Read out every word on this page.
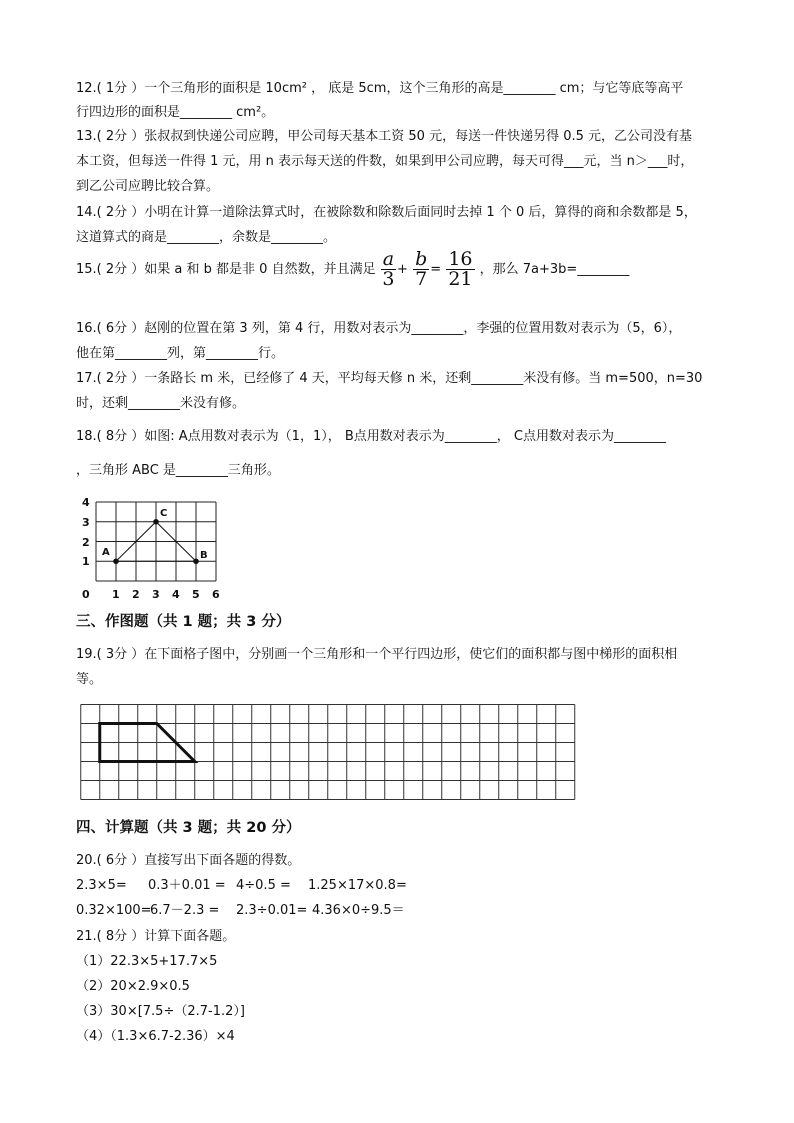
12.( 1分 ）一个三角形的面积是 10cm² ， 底是 5cm，这个三角形的高是________ cm；与它等底等高平
行四边形的面积是________ cm²。
13.( 2分 ）张叔叔到快递公司应聘，甲公司每天基本工资 50 元，每送一件快递另得 0.5 元，乙公司没有基
本工资，但每送一件得 1 元，用 n 表示每天送的件数，如果到甲公司应聘，每天可得___元，当 n＞___时，
到乙公司应聘比较合算。
14.( 2分 ）小明在计算一道除法算式时，在被除数和除数后面同时去掉 1 个 0 后，算得的商和余数都是 5，
这道算式的商是________，余数是________。
15.( 2分 ）如果 a 和 b 都是非 0 自然数，并且满足 $\frac{a}{3} + \frac{b}{7} = \frac{16}{21}$ ，那么 7a+3b=________
16.( 6分 ）赵刚的位置在第 3 列，第 4 行，用数对表示为________，李强的位置用数对表示为（5，6），
他在第________列，第________行。
17.( 2分 ）一条路长 m 米，已经修了 4 天，平均每天修 n 米，还剩________米没有修。当 m=500，n=30
时，还剩________米没有修。
18.( 8分 ）如图: A点用数对表示为（1，1）， B点用数对表示为________， C点用数对表示为________
，三角形 ABC 是________三角形。
4
3
2
1
0 1 2 3 4 5 6
A	B
C
三、作图题（共 1 题；共 3 分）
19.( 3分 ）在下面格子图中，分别画一个三角形和一个平行四边形，使它们的面积都与图中梯形的面积相
等。
四、计算题（共 3 题；共 20 分）
20.( 6分 ）直接写出下面各题的得数。
2.3×5= 0.3＋0.01 = 4÷0.5 = 1.25×17×0.8=
0.32×100=
6.7－2.3 = 2.3÷0.01= 4.36×0÷9.5＝
21.( 8分 ）计算下面各题。
（1）22.3×5+17.7×5
（2）20×2.9×0.5
（3）30×[7.5÷（2.7-1.2）]
（4）（1.3×6.7-2.36）×4
